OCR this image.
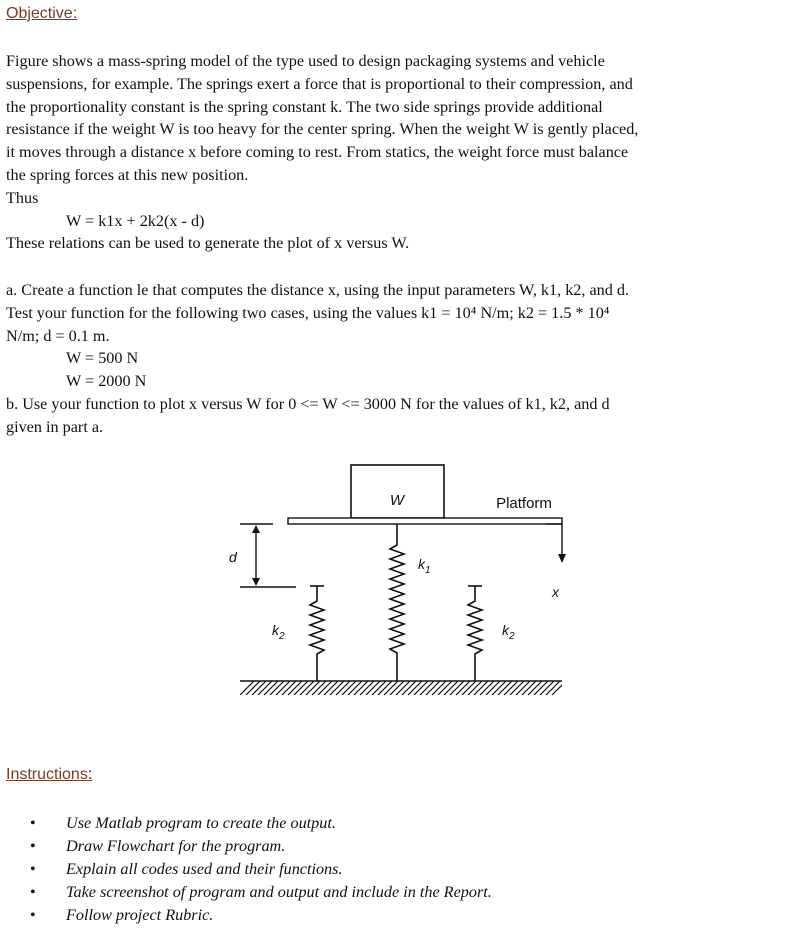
Objective:
Figure shows a mass-spring model of the type used to design packaging systems and vehicle
suspensions, for example. The springs exert a force that is proportional to their compression, and
the proportionality constant is the spring constant k. The two side springs provide additional
resistance if the weight W is too heavy for the center spring. When the weight W is gently placed,
it moves through a distance x before coming to rest. From statics, the weight force must balance
the spring forces at this new position.
Thus
W = k1x + 2k2(x - d)
These relations can be used to generate the plot of x versus W.
a. Create a function le that computes the distance x, using the input parameters W, k1, k2, and d.
Test your function for the following two cases, using the values k1 = 10⁴ N/m; k2 = 1.5 * 10⁴
N/m; d = 0.1 m.
W = 500 N
W = 2000 N
b. Use your function to plot x versus W for 0 <= W <= 3000 N for the values of k1, k2, and d
given in part a.
W	Platform
d	$k_1$
$k_2$	$k_2$
x
Instructions:
•	Use Matlab program to create the output.
•	Draw Flowchart for the program.
•	Explain all codes used and their functions.
•	Take screenshot of program and output and include in the Report.
•	Follow project Rubric.
